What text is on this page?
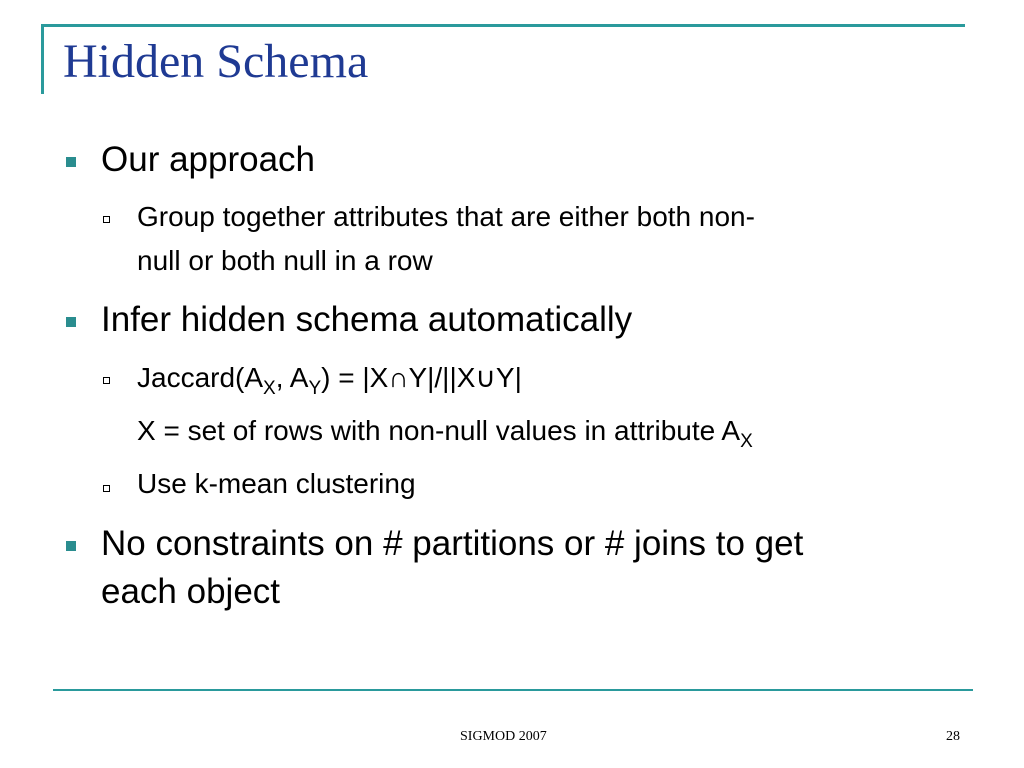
Hidden Schema
Our approach
Group together attributes that are either both non-
null or both null in a row
Infer hidden schema automatically
$Jaccard(A_X$, $A_Y$) = |X∩Y|/||X∪Y|
X = set of rows with non-null values in attribute $A_X$
Use k-mean clustering
No constraints on # partitions or # joins to get
each object
SIGMOD 2007	28
